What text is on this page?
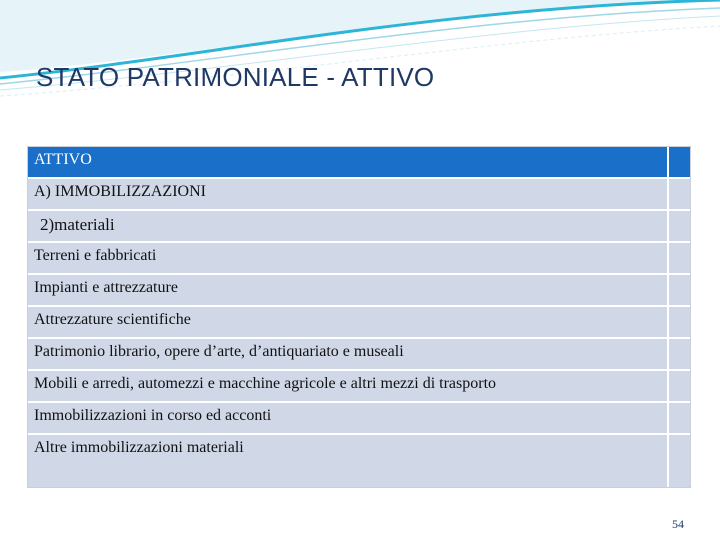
STATO PATRIMONIALE - ATTIVO
ATTIVO
A) IMMOBILIZZAZIONI
2)materiali
Terreni e fabbricati
Impianti e attrezzature
Attrezzature scientifiche
Patrimonio librario, opere d’arte, d’antiquariato e museali
Mobili e arredi, automezzi e macchine agricole e altri mezzi di trasporto
Immobilizzazioni in corso ed acconti
Altre immobilizzazioni materiali
54
